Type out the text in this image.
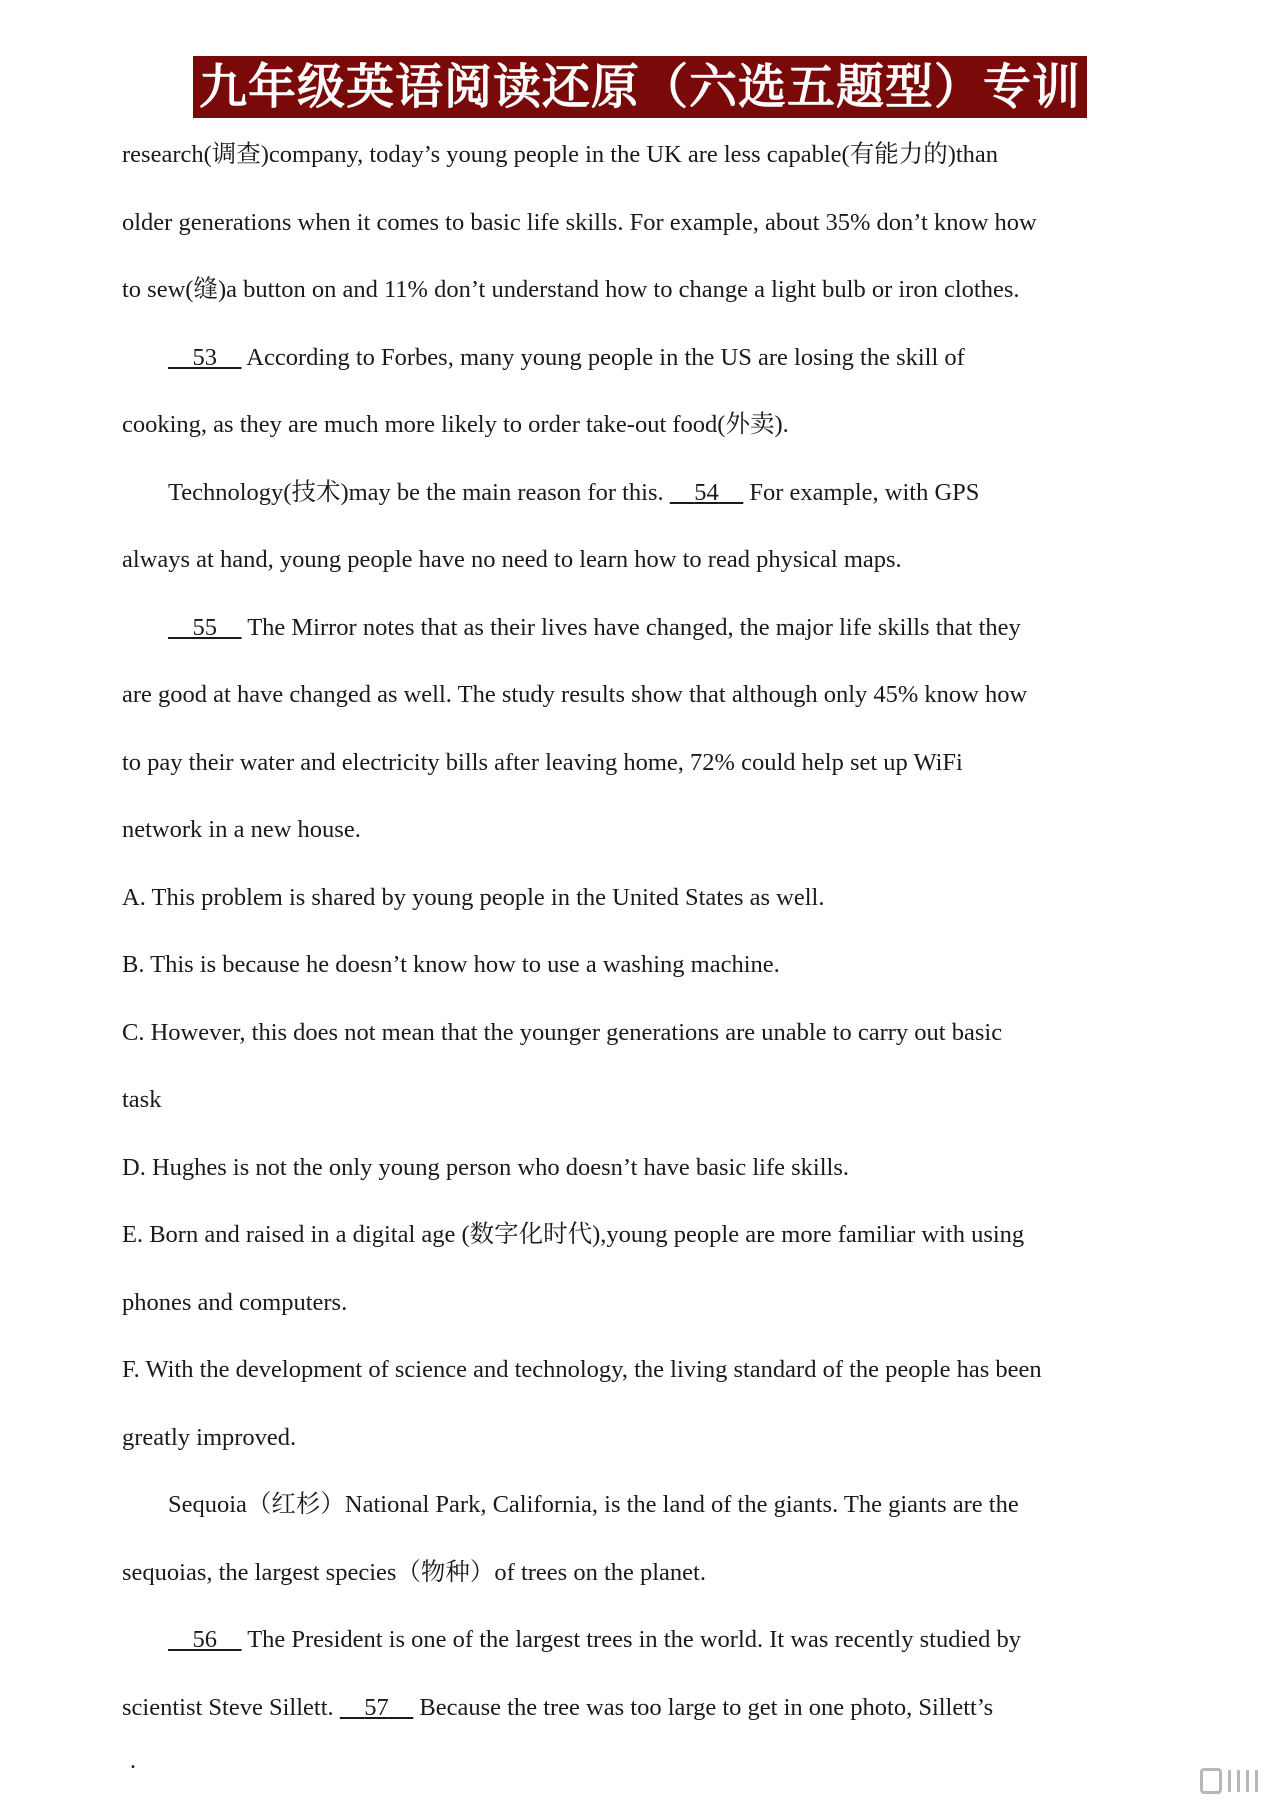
九年级英语阅读还原（六选五题型）专训
research(调查)company, today’s young people in the UK are less capable(有能力的)than
older generations when it comes to basic life skills. For example, about 35% don’t know how
to sew(缝)a button on and 11% don’t understand how to change a light bulb or iron clothes.
53 According to Forbes, many young people in the US are losing the skill of
cooking, as they are much more likely to order take-out food(外卖).
Technology(技术)may be the main reason for this. 54 For example, with GPS
always at hand, young people have no need to learn how to read physical maps.
55 The Mirror notes that as their lives have changed, the major life skills that they
are good at have changed as well. The study results show that although only 45% know how
to pay their water and electricity bills after leaving home, 72% could help set up WiFi
network in a new house.
A. This problem is shared by young people in the United States as well.
B. This is because he doesn’t know how to use a washing machine.
C. However, this does not mean that the younger generations are unable to carry out basic
task
D. Hughes is not the only young person who doesn’t have basic life skills.
E. Born and raised in a digital age (数字化时代),young people are more familiar with using
phones and computers.
F. With the development of science and technology, the living standard of the people has been
greatly improved.
Sequoia（红杉）National Park, California, is the land of the giants. The giants are the
sequoias, the largest species（物种）of trees on the planet.
56 The President is one of the largest trees in the world. It was recently studied by
scientist Steve Sillett. 57 Because the tree was too large to get in one photo, Sillett’s
.
